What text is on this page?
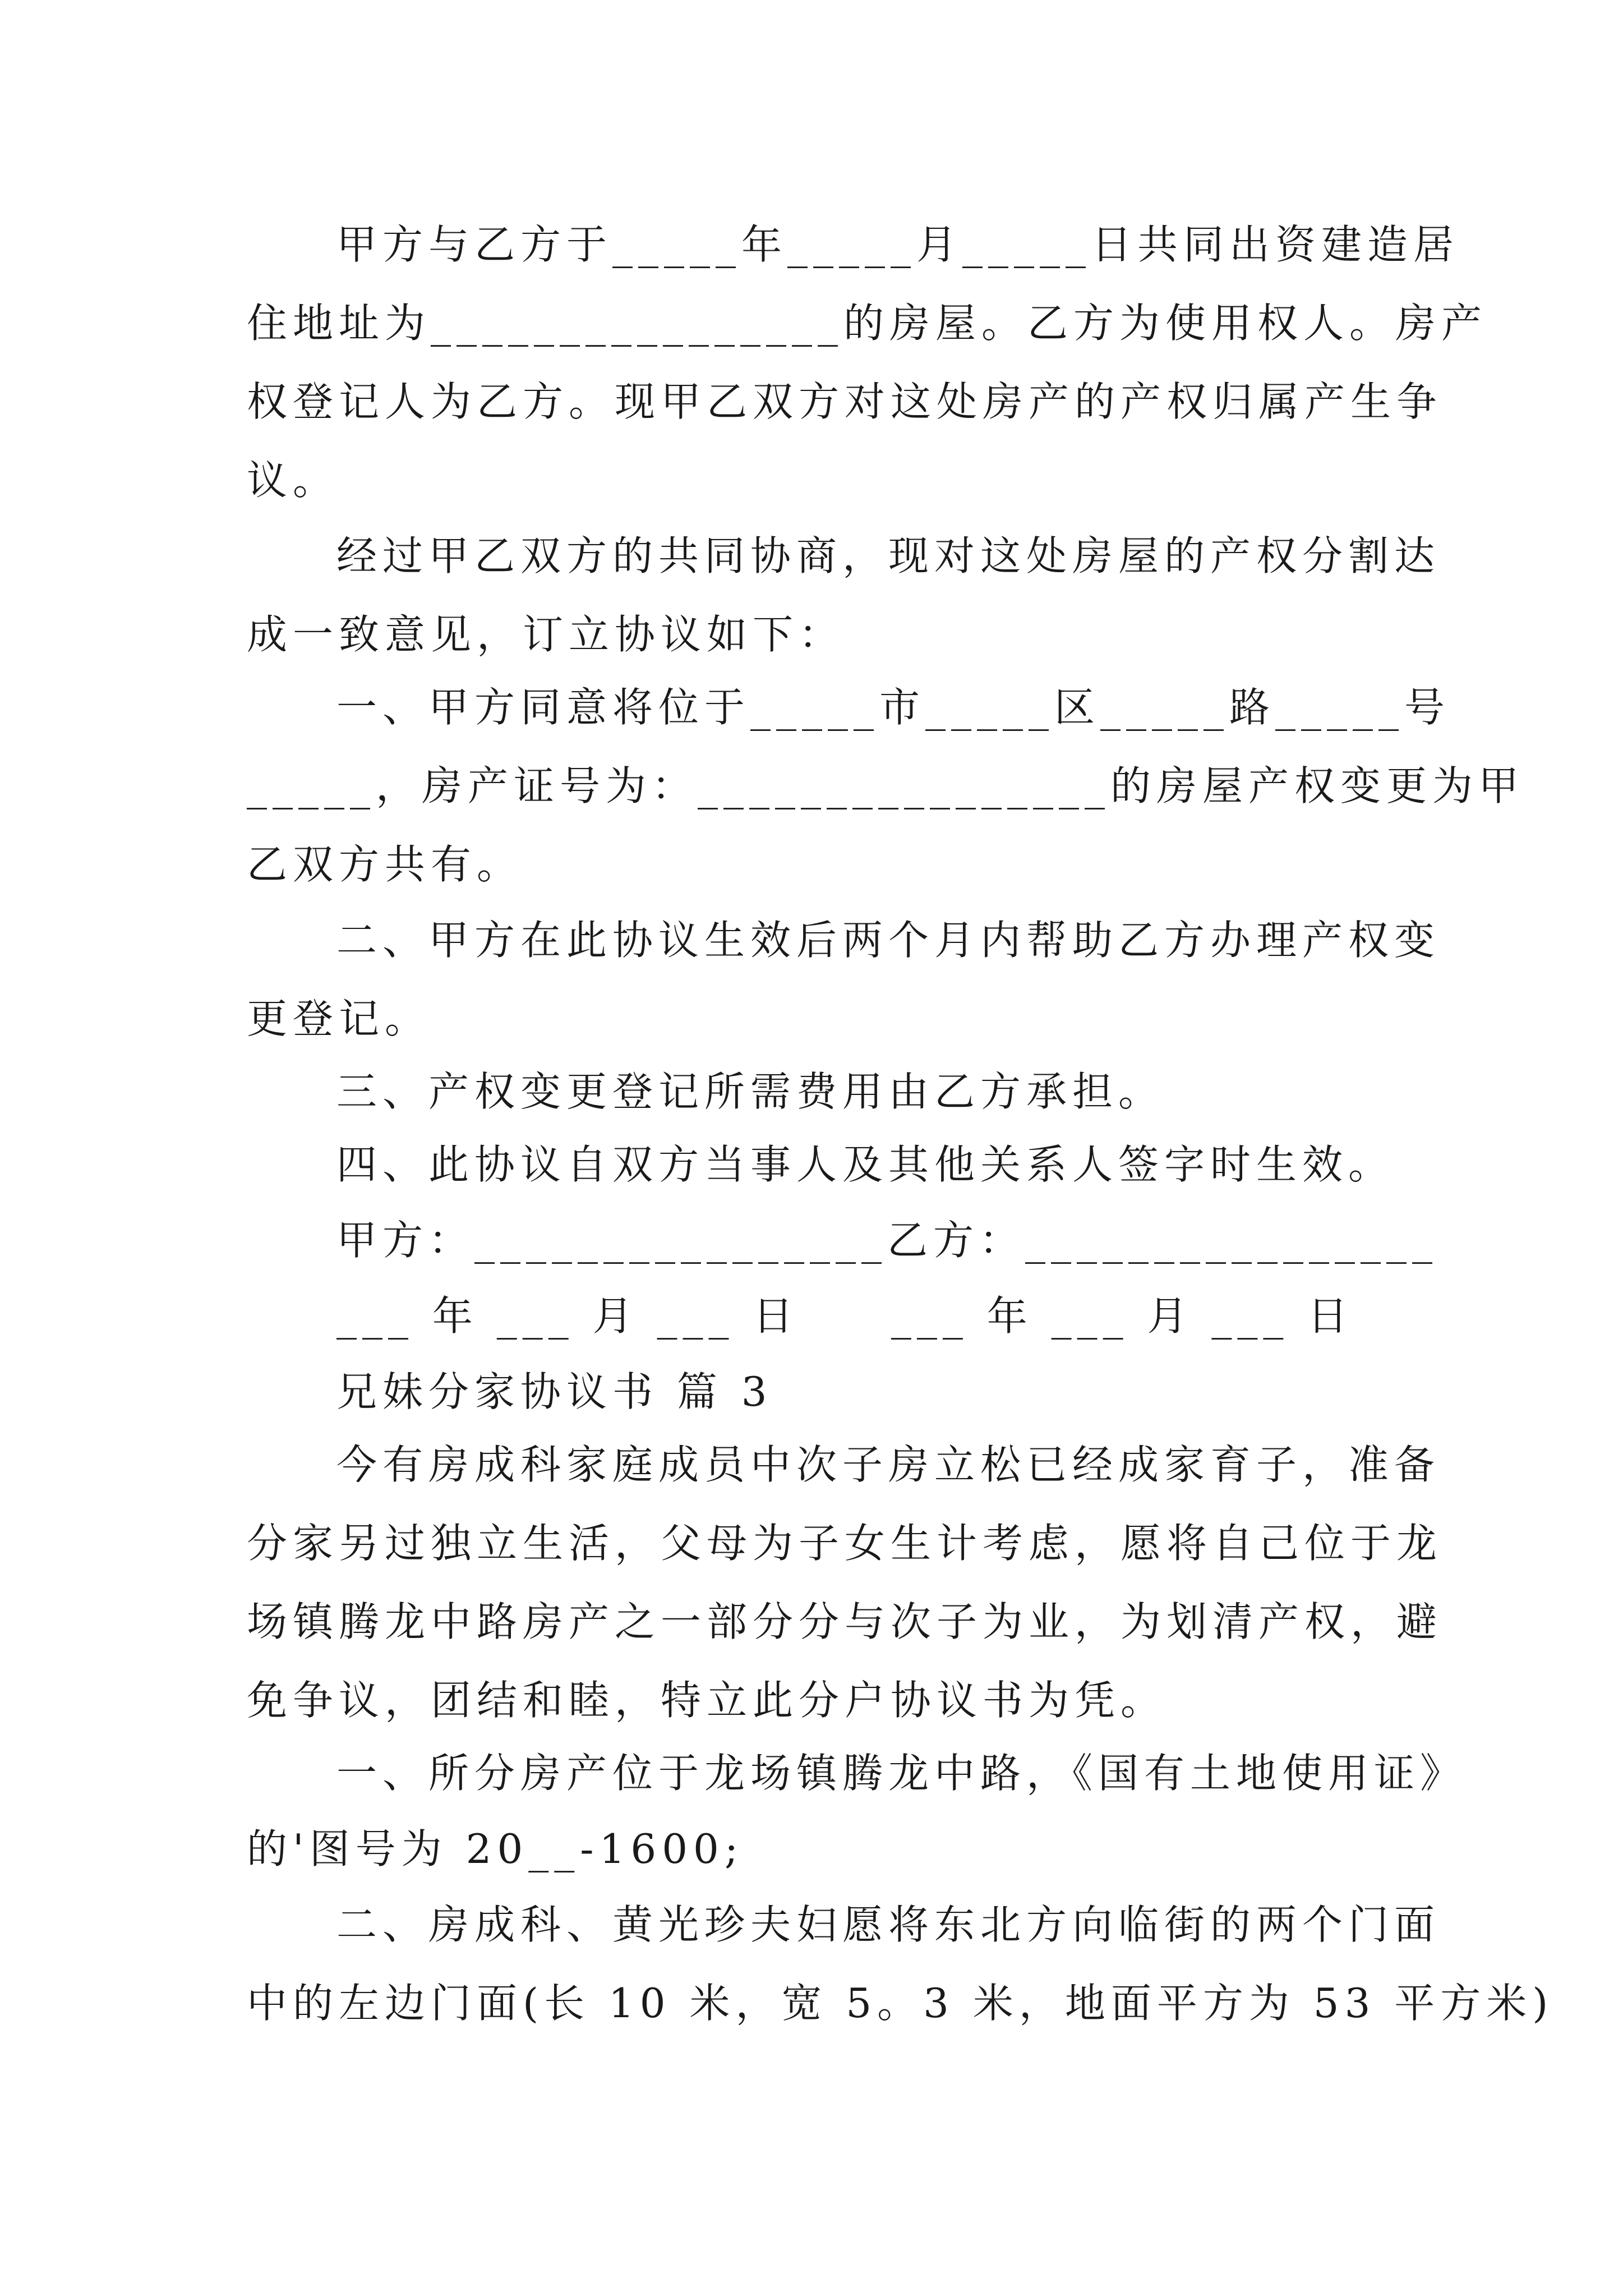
甲方与乙方于_____年_____月_____日共同出资建造居
住地址为________________的房屋。乙方为使用权人。房产
权登记人为乙方。现甲乙双方对这处房产的产权归属产生争
议。
经过甲乙双方的共同协商，现对这处房屋的产权分割达
成一致意见，订立协议如下：
一、甲方同意将位于_____市_____区_____路_____号
_____，房产证号为：________________的房屋产权变更为甲
乙双方共有。
二、甲方在此协议生效后两个月内帮助乙方办理产权变
更登记。
三、产权变更登记所需费用由乙方承担。
四、此协议自双方当事人及其他关系人签字时生效。
甲方：________________乙方：________________
___ 年 ___ 月 ___ 日     ___ 年 ___ 月 ___ 日
兄妹分家协议书 篇 3
今有房成科家庭成员中次子房立松已经成家育子，准备
分家另过独立生活，父母为子女生计考虑，愿将自己位于龙
场镇腾龙中路房产之一部分分与次子为业，为划清产权，避
免争议，团结和睦，特立此分户协议书为凭。
一、所分房产位于龙场镇腾龙中路，《国有土地使用证》
的'图号为 20__-1600;
二、房成科、黄光珍夫妇愿将东北方向临街的两个门面
中的左边门面(长 10 米，宽 5。3 米，地面平方为 53 平方米)
